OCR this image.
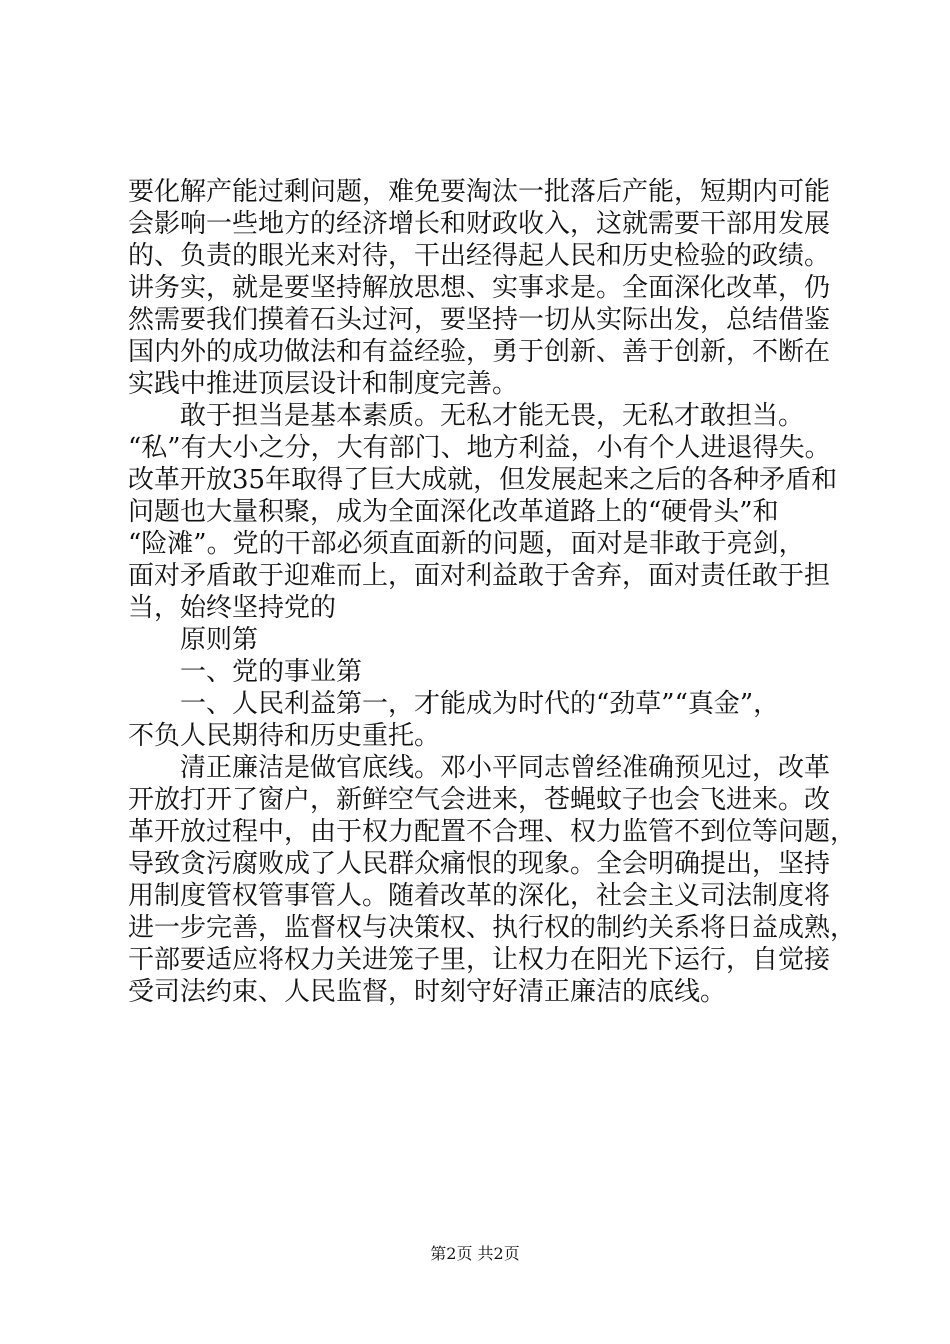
要化解产能过剩问题，难免要淘汰一批落后产能，短期内可能
会影响一些地方的经济增长和财政收入，这就需要干部用发展
的、负责的眼光来对待，干出经得起人民和历史检验的政绩。
讲务实，就是要坚持解放思想、实事求是。全面深化改革，仍
然需要我们摸着石头过河，要坚持一切从实际出发，总结借鉴
国内外的成功做法和有益经验，勇于创新、善于创新，不断在
实践中推进顶层设计和制度完善。
敢于担当是基本素质。无私才能无畏，无私才敢担当。
“私”有大小之分，大有部门、地方利益，小有个人进退得失。
改革开放35年取得了巨大成就，但发展起来之后的各种矛盾和
问题也大量积聚，成为全面深化改革道路上的“硬骨头”和
“险滩”。党的干部必须直面新的问题，面对是非敢于亮剑，
面对矛盾敢于迎难而上，面对利益敢于舍弃，面对责任敢于担
当，始终坚持党的
原则第
一、党的事业第
一、人民利益第一，才能成为时代的“劲草”“真金”，
不负人民期待和历史重托。
清正廉洁是做官底线。邓小平同志曾经准确预见过，改革
开放打开了窗户，新鲜空气会进来，苍蝇蚊子也会飞进来。改
革开放过程中，由于权力配置不合理、权力监管不到位等问题，
导致贪污腐败成了人民群众痛恨的现象。全会明确提出，坚持
用制度管权管事管人。随着改革的深化，社会主义司法制度将
进一步完善，监督权与决策权、执行权的制约关系将日益成熟，
干部要适应将权力关进笼子里，让权力在阳光下运行，自觉接
受司法约束、人民监督，时刻守好清正廉洁的底线。
第2页 共2页
